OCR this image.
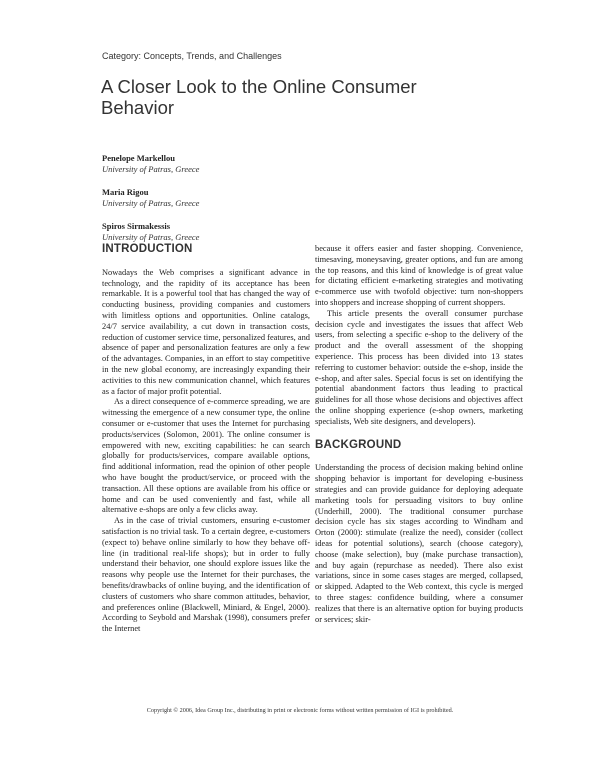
Category: Concepts, Trends, and Challenges
A Closer Look to the Online Consumer Behavior
Penelope Markellou
University of Patras, Greece
Maria Rigou
University of Patras, Greece
Spiros Sirmakessis
University of Patras, Greece
INTRODUCTION

Nowadays the Web comprises a significant advance in technology, and the rapidity of its acceptance has been remarkable. It is a powerful tool that has changed the way of conducting business, providing companies and customers with limitless options and opportunities. Online catalogs, 24/7 service availability, a cut down in transaction costs, reduction of customer service time, personalized features, and absence of paper and personalization features are only a few of the advantages. Companies, in an effort to stay competitive in the new global economy, are increasingly expanding their activities to this new communication channel, which features as a factor of major profit potential.

As a direct consequence of e-commerce spreading, we are witnessing the emergence of a new consumer type, the online consumer or e-customer that uses the Internet for purchasing products/services (Solomon, 2001). The online consumer is empowered with new, exciting capabilities: he can search globally for products/services, compare available options, find additional information, read the opinion of other people who have bought the product/service, or proceed with the transaction. All these options are available from his office or home and can be used conveniently and fast, while all alternative e-shops are only a few clicks away.

As in the case of trivial customers, ensuring e-customer satisfaction is no trivial task. To a certain degree, e-customers (expect to) behave online similarly to how they behave off-line (in traditional real-life shops); but in order to fully understand their behavior, one should explore issues like the reasons why people use the Internet for their purchases, the benefits/drawbacks of online buying, and the identification of clusters of customers who share common attitudes, behavior, and preferences online (Blackwell, Miniard, & Engel, 2000). According to Seybold and Marshak (1998), consumers prefer the Internet

because it offers easier and faster shopping. Convenience, timesaving, moneysaving, greater options, and fun are among the top reasons, and this kind of knowledge is of great value for dictating efficient e-marketing strategies and motivating e-commerce use with twofold objective: turn non-shoppers into shoppers and increase shopping of current shoppers.

This article presents the overall consumer purchase decision cycle and investigates the issues that affect Web users, from selecting a specific e-shop to the delivery of the product and the overall assessment of the shopping experience. This process has been divided into 13 states referring to customer behavior: outside the e-shop, inside the e-shop, and after sales. Special focus is set on identifying the potential abandonment factors thus leading to practical guidelines for all those whose decisions and objectives affect the online shopping experience (e-shop owners, marketing specialists, Web site designers, and developers).

BACKGROUND

Understanding the process of decision making behind online shopping behavior is important for developing e-business strategies and can provide guidance for deploying adequate marketing tools for persuading visitors to buy online (Underhill, 2000). The traditional consumer purchase decision cycle has six stages according to Windham and Orton (2000): stimulate (realize the need), consider (collect ideas for potential solutions), search (choose category), choose (make selection), buy (make purchase transaction), and buy again (repurchase as needed). There also exist variations, since in some cases stages are merged, collapsed, or skipped. Adapted to the Web context, this cycle is merged to three stages: confidence building, where a consumer realizes that there is an alternative option for buying products or services; skir-

Copyright © 2006, Idea Group Inc., distributing in print or electronic forms without written permission of IGI is prohibited.
